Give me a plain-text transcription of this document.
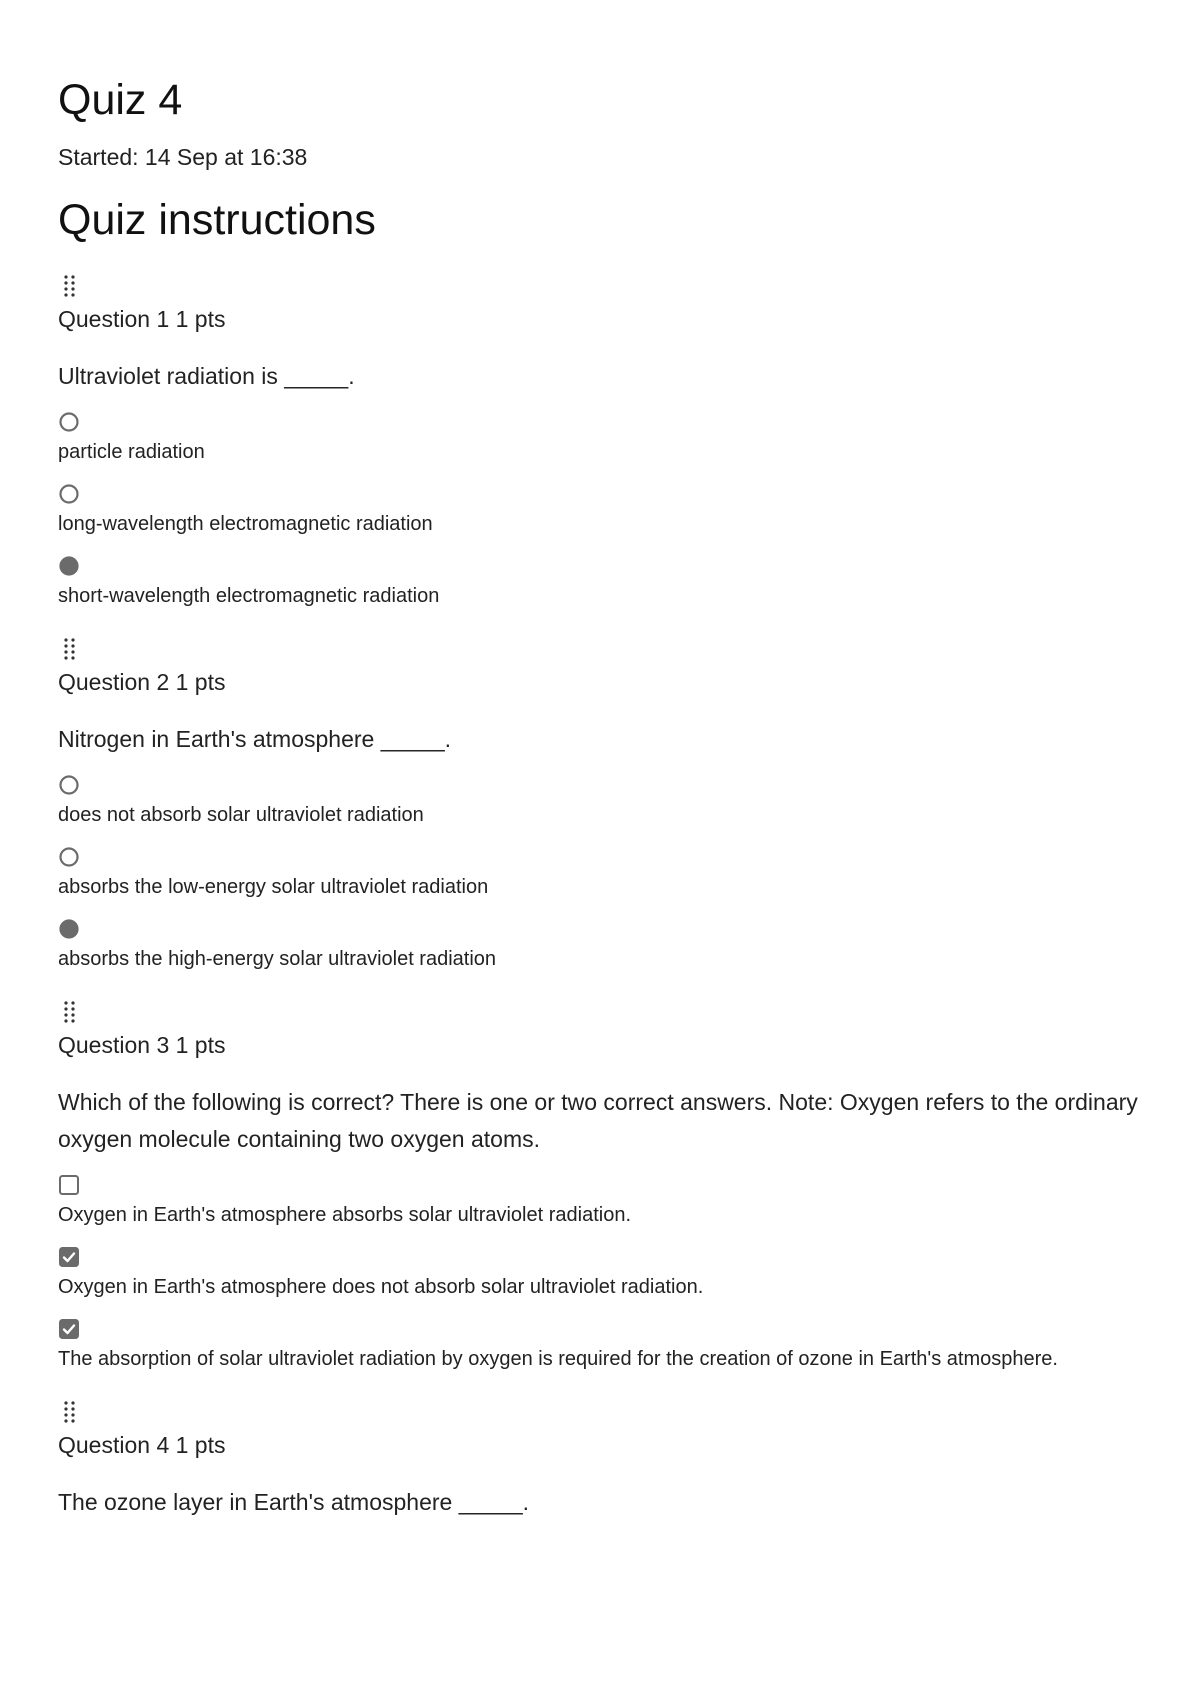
Quiz 4
Started: 14 Sep at 16:38
Quiz instructions
Question 1 1 pts
Ultraviolet radiation is _____.
particle radiation
long-wavelength electromagnetic radiation
short-wavelength electromagnetic radiation
Question 2 1 pts
Nitrogen in Earth's atmosphere _____.
does not absorb solar ultraviolet radiation
absorbs the low-energy solar ultraviolet radiation
absorbs the high-energy solar ultraviolet radiation
Question 3 1 pts
Which of the following is correct? There is one or two correct answers. Note: Oxygen refers to the ordinary oxygen molecule containing two oxygen atoms.
Oxygen in Earth's atmosphere absorbs solar ultraviolet radiation.
Oxygen in Earth's atmosphere does not absorb solar ultraviolet radiation.
The absorption of solar ultraviolet radiation by oxygen is required for the creation of ozone in Earth's atmosphere.
Question 4 1 pts
The ozone layer in Earth's atmosphere _____.
